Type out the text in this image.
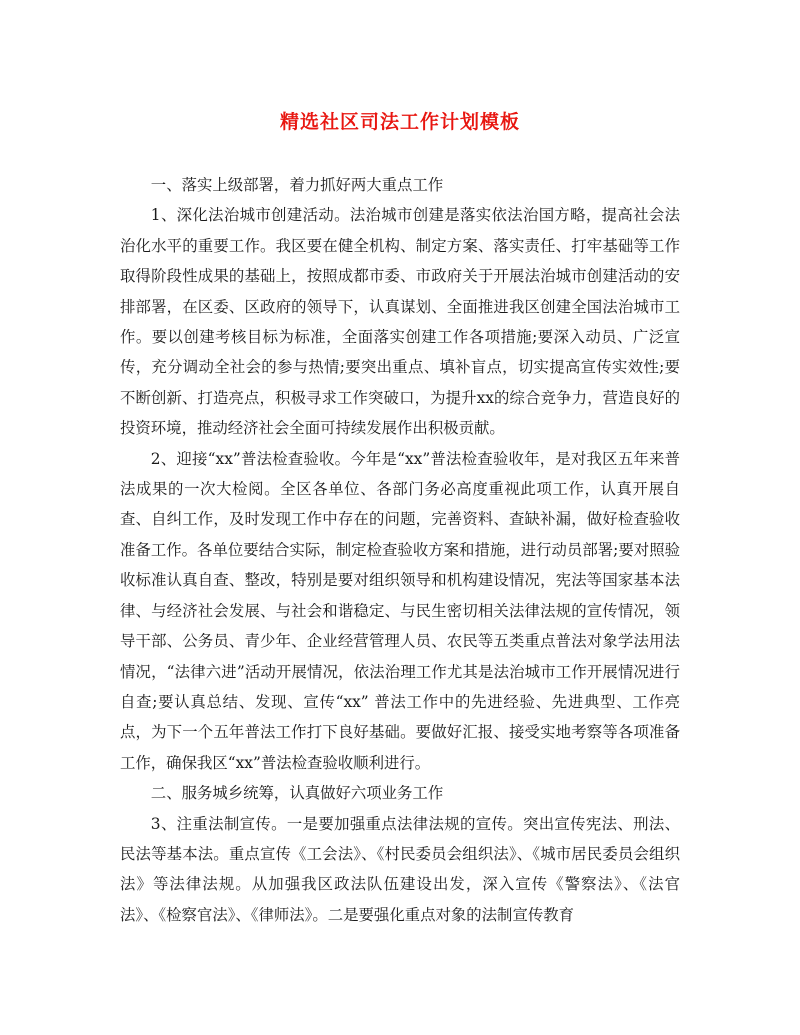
精选社区司法工作计划模板

一、落实上级部署，着力抓好两大重点工作

1、深化法治城市创建活动。法治城市创建是落实依法治国方略，提高社会法治化水平的重要工作。我区要在健全机构、制定方案、落实责任、打牢基础等工作取得阶段性成果的基础上，按照成都市委、市政府关于开展法治城市创建活动的安排部署，在区委、区政府的领导下，认真谋划、全面推进我区创建全国法治城市工作。要以创建考核目标为标准，全面落实创建工作各项措施;要深入动员、广泛宣传，充分调动全社会的参与热情;要突出重点、填补盲点，切实提高宣传实效性;要不断创新、打造亮点，积极寻求工作突破口，为提升xx的综合竞争力，营造良好的投资环境，推动经济社会全面可持续发展作出积极贡献。

2、迎接“xx”普法检查验收。今年是“xx”普法检查验收年，是对我区五年来普法成果的一次大检阅。全区各单位、各部门务必高度重视此项工作，认真开展自查、自纠工作，及时发现工作中存在的问题，完善资料、查缺补漏，做好检查验收准备工作。各单位要结合实际，制定检查验收方案和措施，进行动员部署;要对照验收标准认真自查、整改，特别是要对组织领导和机构建设情况，宪法等国家基本法律、与经济社会发展、与社会和谐稳定、与民生密切相关法律法规的宣传情况，领导干部、公务员、青少年、企业经营管理人员、农民等五类重点普法对象学法用法情况，“法律六进”活动开展情况，依法治理工作尤其是法治城市工作开展情况进行自查;要认真总结、发现、宣传“xx” 普法工作中的先进经验、先进典型、工作亮点，为下一个五年普法工作打下良好基础。要做好汇报、接受实地考察等各项准备工作，确保我区“xx”普法检查验收顺利进行。

二、服务城乡统筹，认真做好六项业务工作

3、注重法制宣传。一是要加强重点法律法规的宣传。突出宣传宪法、刑法、民法等基本法。重点宣传《工会法》、《村民委员会组织法》、《城市居民委员会组织法》等法律法规。从加强我区政法队伍建设出发，深入宣传《警察法》、《法官法》、《检察官法》、《律师法》。二是要强化重点对象的法制宣传教育
